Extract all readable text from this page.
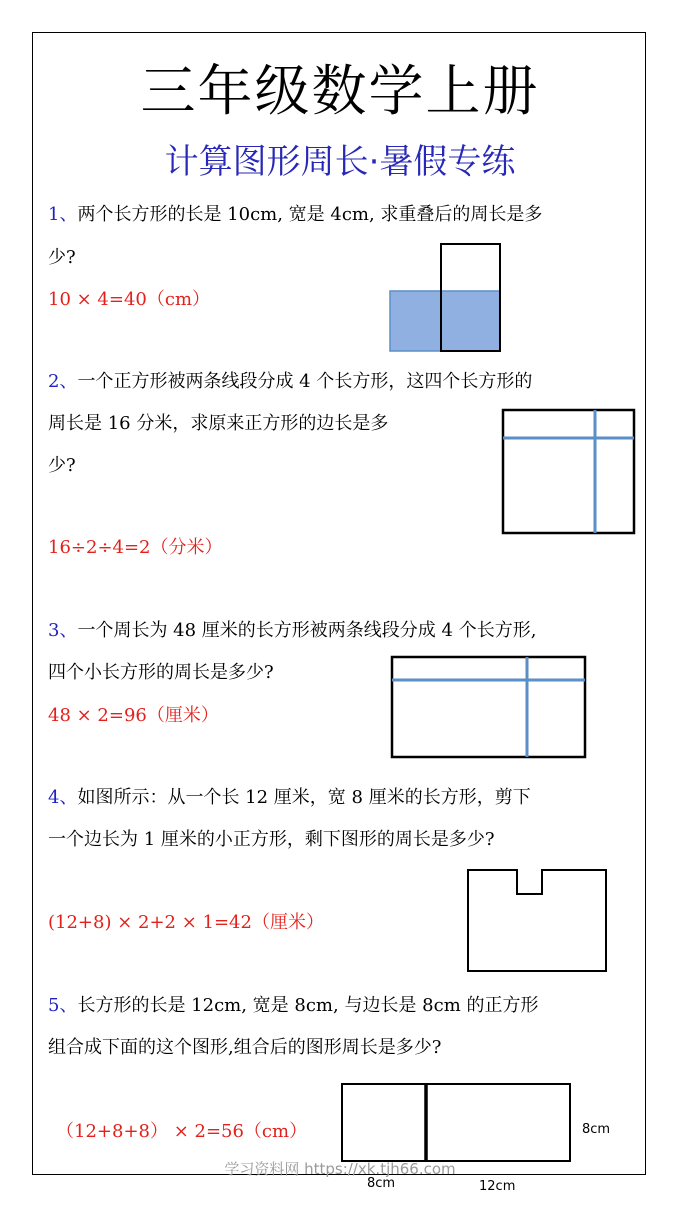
三年级数学上册
计算图形周长·暑假专练
1、两个长方形的长是 10cm, 宽是 4cm, 求重叠后的周长是多
少?
10 × 4=40（cm）
2、一个正方形被两条线段分成 4 个长方形，这四个长方形的
周长是 16 分米，求原来正方形的边长是多
少?
16÷2÷4=2（分米）
3、一个周长为 48 厘米的长方形被两条线段分成 4 个长方形,
四个小长方形的周长是多少?
48 × 2=96（厘米）
4、如图所示：从一个长 12 厘米，宽 8 厘米的长方形，剪下
一个边长为 1 厘米的小正方形，剩下图形的周长是多少?
(12+8) × 2+2 × 1=42（厘米）
5、长方形的长是 12cm, 宽是 8cm, 与边长是 8cm 的正方形
组合成下面的这个图形,组合后的图形周长是多少?
（12+8+8） × 2=56（cm）	8cm
8cm	12cm
学习资料网 https://xk.tjh66.com
